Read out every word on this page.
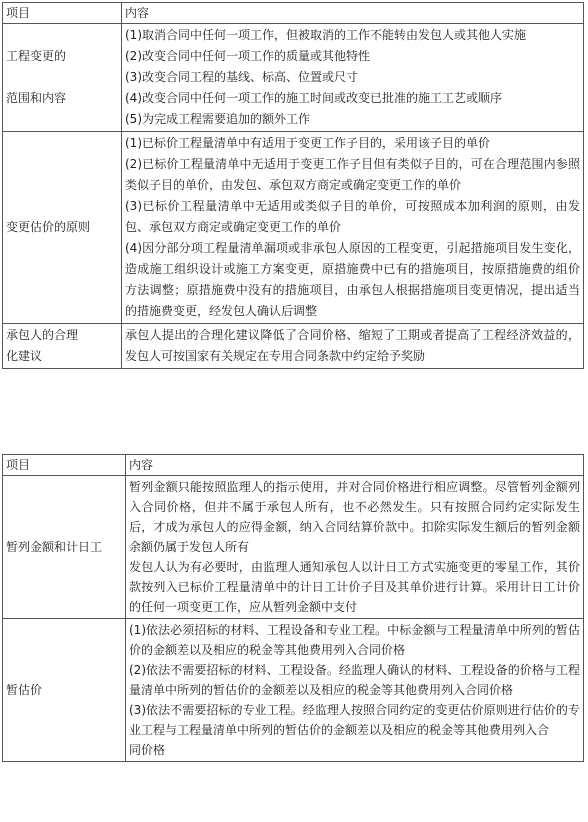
项目	内容

工程变更的
范围和内容	(1)取消合同中任何一项工作，但被取消的工作不能转由发包人或其他人实施
(2)改变合同中任何一项工作的质量或其他特性
(3)改变合同工程的基线、标高、位置或尺寸
(4)改变合同中任何一项工作的施工时间或改变已批准的施工工艺或顺序
(5)为完成工程需要追加的额外工作

变更估价的原则	(1)已标价工程量清单中有适用于变更工作子目的，采用该子目的单价
(2)已标价工程量清单中无适用于变更工作子目但有类似子目的，可在合理范围内参照类似子目的单价，由发包、承包双方商定或确定变更工作的单价
(3)已标价工程量清单中无适用或类似子目的单价，可按照成本加利润的原则，由发包、承包双方商定或确定变更工作的单价
(4)因分部分项工程量清单漏项或非承包人原因的工程变更，引起措施项目发生变化，造成施工组织设计或施工方案变更，原措施费中已有的措施项目，按原措施费的组价方法调整；原措施费中没有的措施项目，由承包人根据措施项目变更情况，提出适当的措施费变更，经发包人确认后调整

承包人的合理
化建议	承包人提出的合理化建议降低了合同价格、缩短了工期或者提高了工程经济效益的，发包人可按国家有关规定在专用合同条款中约定给予奖励
项目	内容

暂列金额和计日工	暂列金额只能按照监理人的指示使用，并对合同价格进行相应调整。尽管暂列金额列入合同价格，但并不属于承包人所有，也不必然发生。只有按照合同约定实际发生后，才成为承包人的应得金额，纳入合同结算价款中。扣除实际发生额后的暂列金额余额仍属于发包人所有
发包人认为有必要时，由监理人通知承包人以计日工方式实施变更的零星工作，其价款按列入已标价工程量清单中的计日工计价子目及其单价进行计算。采用计日工计价的任何一项变更工作，应从暂列金额中支付

暂估价	(1)依法必须招标的材料、工程设备和专业工程。中标金额与工程量清单中所列的暂估价的金额差以及相应的税金等其他费用列入合同价格
(2)依法不需要招标的材料、工程设备。经监理人确认的材料、工程设备的价格与工程量清单中所列的暂估价的金额差以及相应的税金等其他费用列入合同价格
(3)依法不需要招标的专业工程。经监理人按照合同约定的变更估价原则进行估价的专业工程与工程量清单中所列的暂估价的金额差以及相应的税金等其他费用列入合
同价格
